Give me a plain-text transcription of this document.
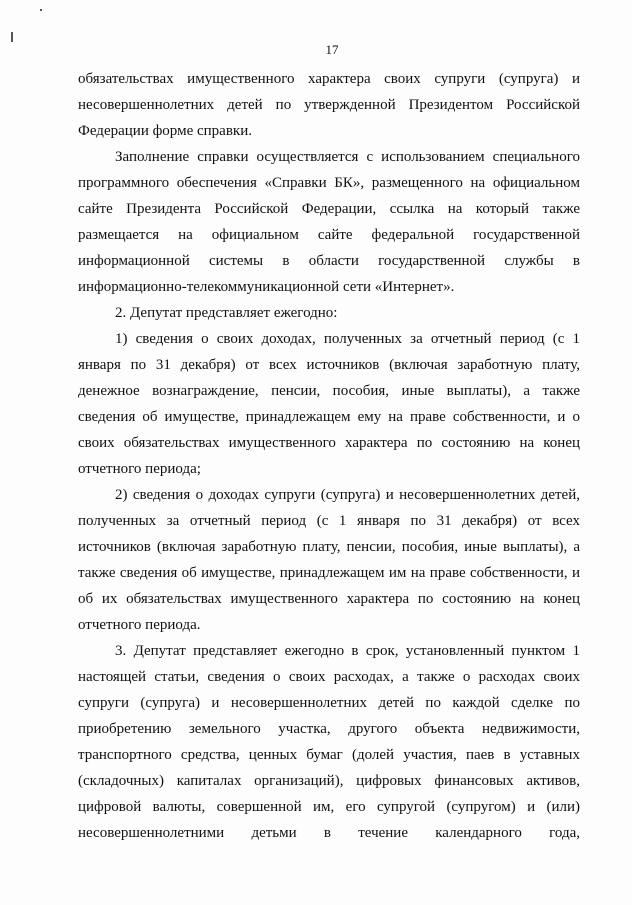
17

обязательствах имущественного характера своих супруги (супруга) и несовершеннолетних детей по утвержденной Президентом Российской Федерации форме справки.

Заполнение справки осуществляется с использованием специального программного обеспечения «Справки БК», размещенного на официальном сайте Президента Российской Федерации, ссылка на который также размещается на официальном сайте федеральной государственной информационной системы в области государственной службы в информационно-телекоммуникационной сети «Интернет».

2. Депутат представляет ежегодно:

1) сведения о своих доходах, полученных за отчетный период (с 1 января по 31 декабря) от всех источников (включая заработную плату, денежное вознаграждение, пенсии, пособия, иные выплаты), а также сведения об имуществе, принадлежащем ему на праве собственности, и о своих обязательствах имущественного характера по состоянию на конец отчетного периода;

2) сведения о доходах супруги (супруга) и несовершеннолетних детей, полученных за отчетный период (с 1 января по 31 декабря) от всех источников (включая заработную плату, пенсии, пособия, иные выплаты), а также сведения об имуществе, принадлежащем им на праве собственности, и об их обязательствах имущественного характера по состоянию на конец отчетного периода.

3. Депутат представляет ежегодно в срок, установленный пунктом 1 настоящей статьи, сведения о своих расходах, а также о расходах своих супруги (супруга) и несовершеннолетних детей по каждой сделке по приобретению земельного участка, другого объекта недвижимости, транспортного средства, ценных бумаг (долей участия, паев в уставных (складочных) капиталах организаций), цифровых финансовых активов, цифровой валюты, совершенной им, его супругой (супругом) и (или) несовершеннолетними детьми в течение календарного года,
